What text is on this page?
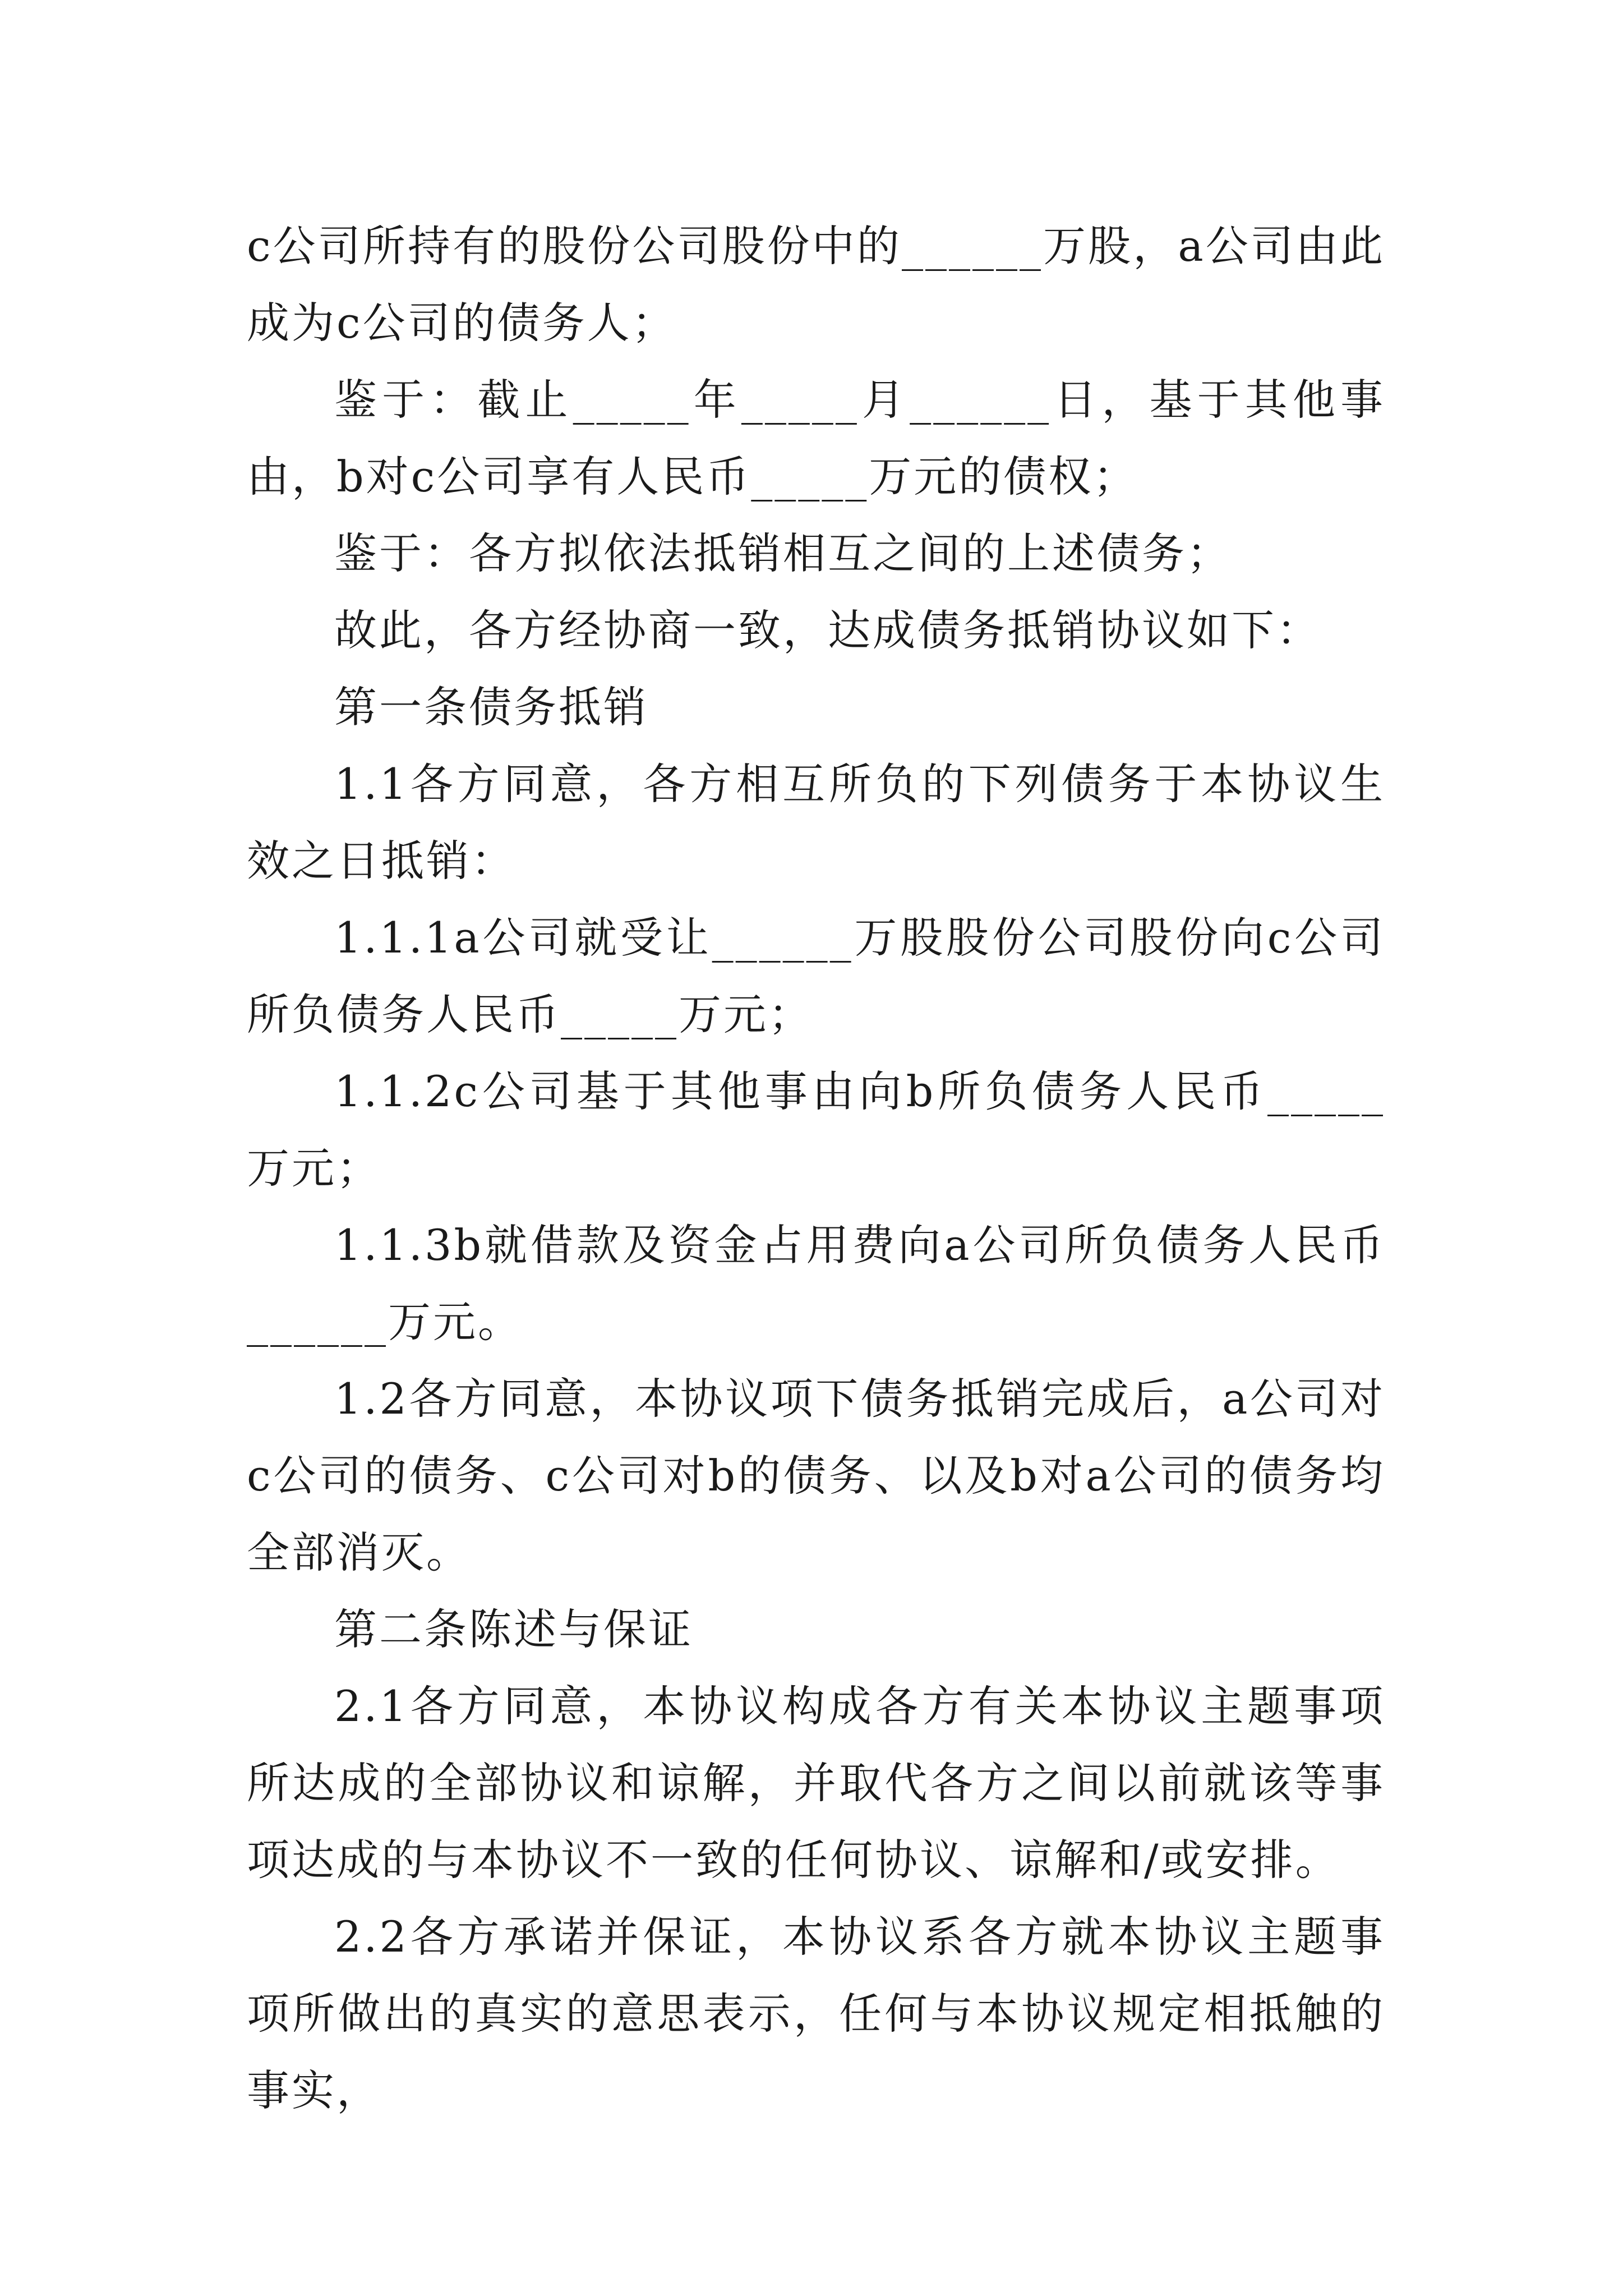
c公司所持有的股份公司股份中的______万股，a公司由此成为c公司的债务人；

鉴于：截止_____年_____月______日，基于其他事由，b对c公司享有人民币_____万元的债权；

鉴于：各方拟依法抵销相互之间的上述债务；

故此，各方经协商一致，达成债务抵销协议如下：

第一条债务抵销

1.1各方同意，各方相互所负的下列债务于本协议生效之日抵销：

1.1.1a公司就受让______万股股份公司股份向c公司所负债务人民币_____万元；

1.1.2c公司基于其他事由向b所负债务人民币_____万元；

1.1.3b就借款及资金占用费向a公司所负债务人民币______万元。

1.2各方同意，本协议项下债务抵销完成后，a公司对c公司的债务、c公司对b的债务、以及b对a公司的债务均全部消灭。

第二条陈述与保证

2.1各方同意，本协议构成各方有关本协议主题事项所达成的全部协议和谅解，并取代各方之间以前就该等事项达成的与本协议不一致的任何协议、谅解和/或安排。

2.2各方承诺并保证，本协议系各方就本协议主题事项所做出的真实的意思表示，任何与本协议规定相抵触的事实，
